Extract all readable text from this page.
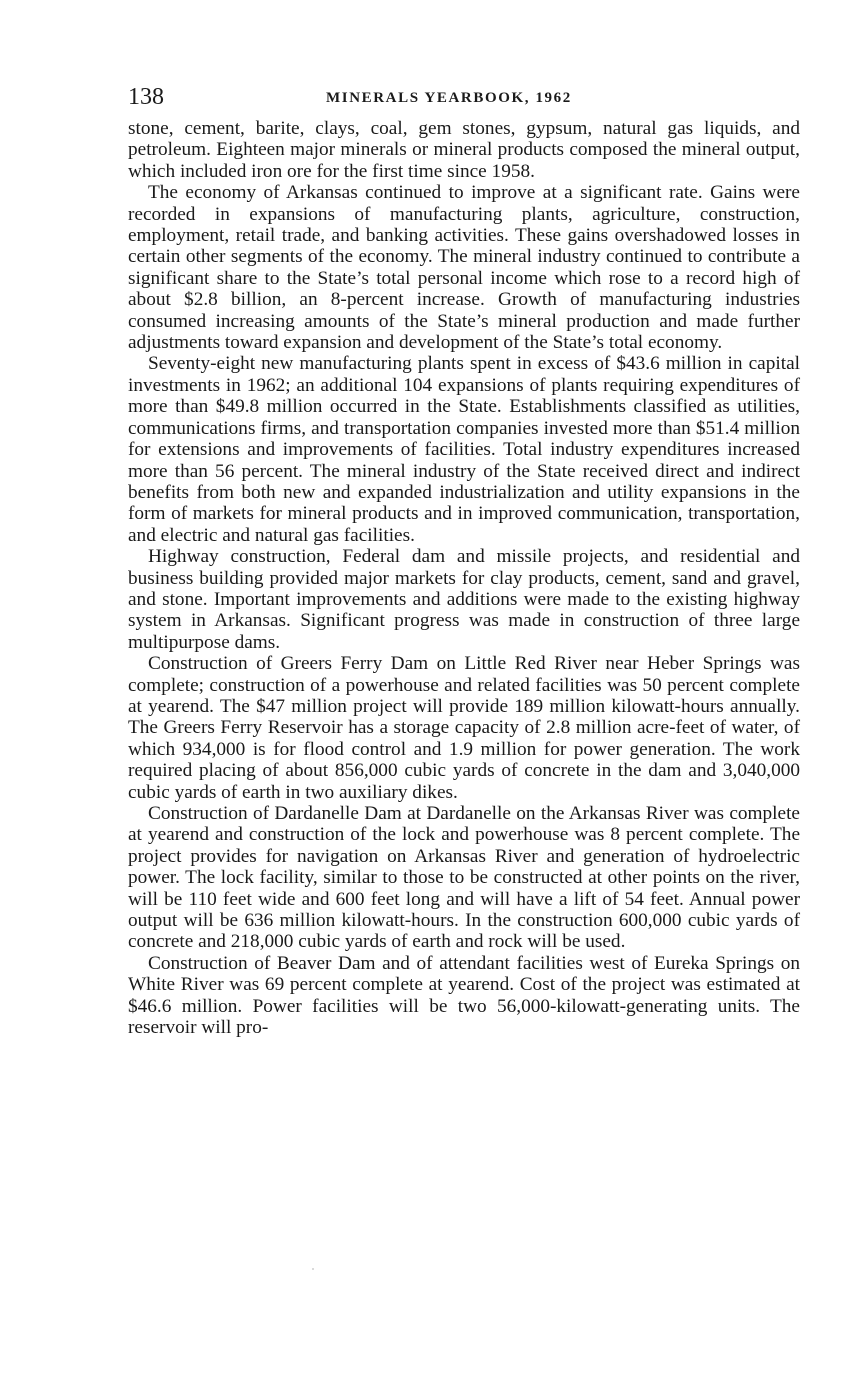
138	MINERALS YEARBOOK, 1962

stone, cement, barite, clays, coal, gem stones, gypsum, natural gas liquids, and petroleum. Eighteen major minerals or mineral products composed the mineral output, which included iron ore for the first time since 1958.

The economy of Arkansas continued to improve at a significant rate. Gains were recorded in expansions of manufacturing plants, agriculture, construction, employment, retail trade, and banking activities. These gains overshadowed losses in certain other segments of the economy. The mineral industry continued to contribute a significant share to the State’s total personal income which rose to a record high of about $2.8 billion, an 8-percent increase. Growth of manufacturing industries consumed increasing amounts of the State’s mineral production and made further adjustments toward expansion and development of the State’s total economy.

Seventy-eight new manufacturing plants spent in excess of $43.6 million in capital investments in 1962; an additional 104 expansions of plants requiring expenditures of more than $49.8 million occurred in the State. Establishments classified as utilities, communications firms, and transportation companies invested more than $51.4 million for extensions and improvements of facilities. Total industry expenditures increased more than 56 percent. The mineral industry of the State received direct and indirect benefits from both new and expanded industrialization and utility expansions in the form of markets for mineral products and in improved communication, transportation, and electric and natural gas facilities.

Highway construction, Federal dam and missile projects, and residential and business building provided major markets for clay products, cement, sand and gravel, and stone. Important improvements and additions were made to the existing highway system in Arkansas. Significant progress was made in construction of three large multipurpose dams.

Construction of Greers Ferry Dam on Little Red River near Heber Springs was complete; construction of a powerhouse and related facilities was 50 percent complete at yearend. The $47 million project will provide 189 million kilowatt-hours annually. The Greers Ferry Reservoir has a storage capacity of 2.8 million acre-feet of water, of which 934,000 is for flood control and 1.9 million for power generation. The work required placing of about 856,000 cubic yards of concrete in the dam and 3,040,000 cubic yards of earth in two auxiliary dikes.

Construction of Dardanelle Dam at Dardanelle on the Arkansas River was complete at yearend and construction of the lock and powerhouse was 8 percent complete. The project provides for navigation on Arkansas River and generation of hydroelectric power. The lock facility, similar to those to be constructed at other points on the river, will be 110 feet wide and 600 feet long and will have a lift of 54 feet. Annual power output will be 636 million kilowatt-hours. In the construction 600,000 cubic yards of concrete and 218,000 cubic yards of earth and rock will be used.

Construction of Beaver Dam and of attendant facilities west of Eureka Springs on White River was 69 percent complete at yearend. Cost of the project was estimated at $46.6 million. Power facilities will be two 56,000-kilowatt-generating units. The reservoir will pro-
